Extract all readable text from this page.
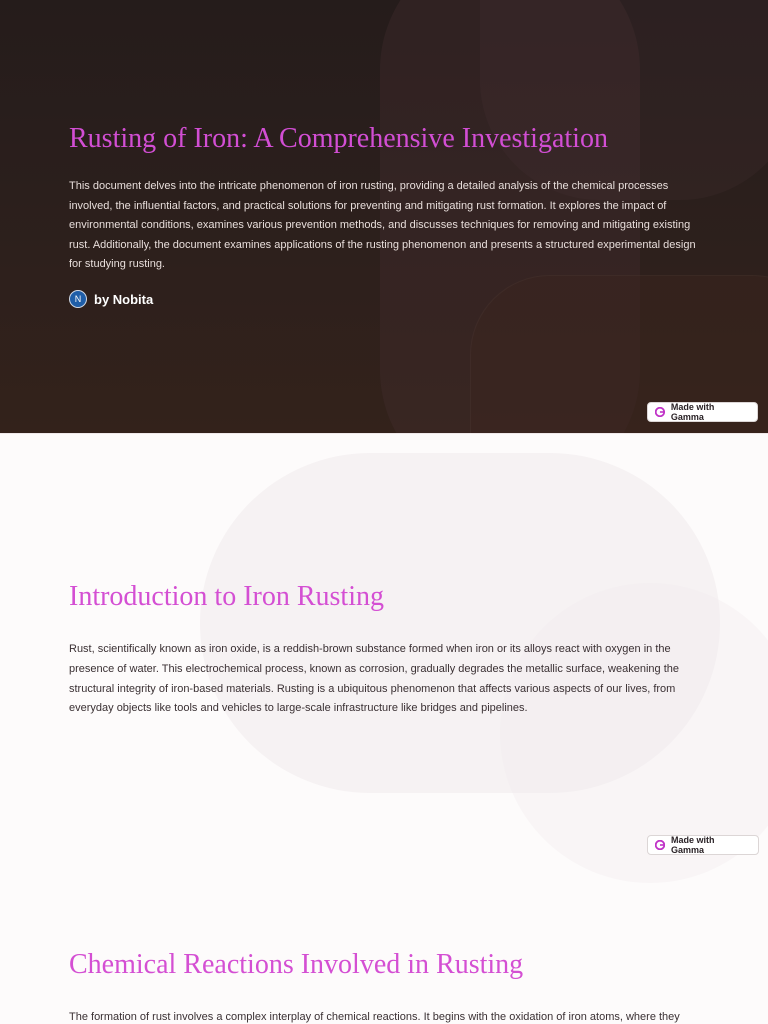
Rusting of Iron: A Comprehensive Investigation

This document delves into the intricate phenomenon of iron rusting, providing a detailed analysis of the chemical processes involved, the influential factors, and practical solutions for preventing and mitigating rust formation. It explores the impact of environmental conditions, examines various prevention methods, and discusses techniques for removing and mitigating existing rust. Additionally, the document examines applications of the rusting phenomenon and presents a structured experimental design for studying rusting.

N by Nobita
Made with Gamma
Introduction to Iron Rusting

Rust, scientifically known as iron oxide, is a reddish-brown substance formed when iron or its alloys react with oxygen in the presence of water. This electrochemical process, known as corrosion, gradually degrades the metallic surface, weakening the structural integrity of iron-based materials. Rusting is a ubiquitous phenomenon that affects various aspects of our lives, from everyday objects like tools and vehicles to large-scale infrastructure like bridges and pipelines.

Made with Gamma
Chemical Reactions Involved in Rusting

The formation of rust involves a complex interplay of chemical reactions. It begins with the oxidation of iron atoms, where they
